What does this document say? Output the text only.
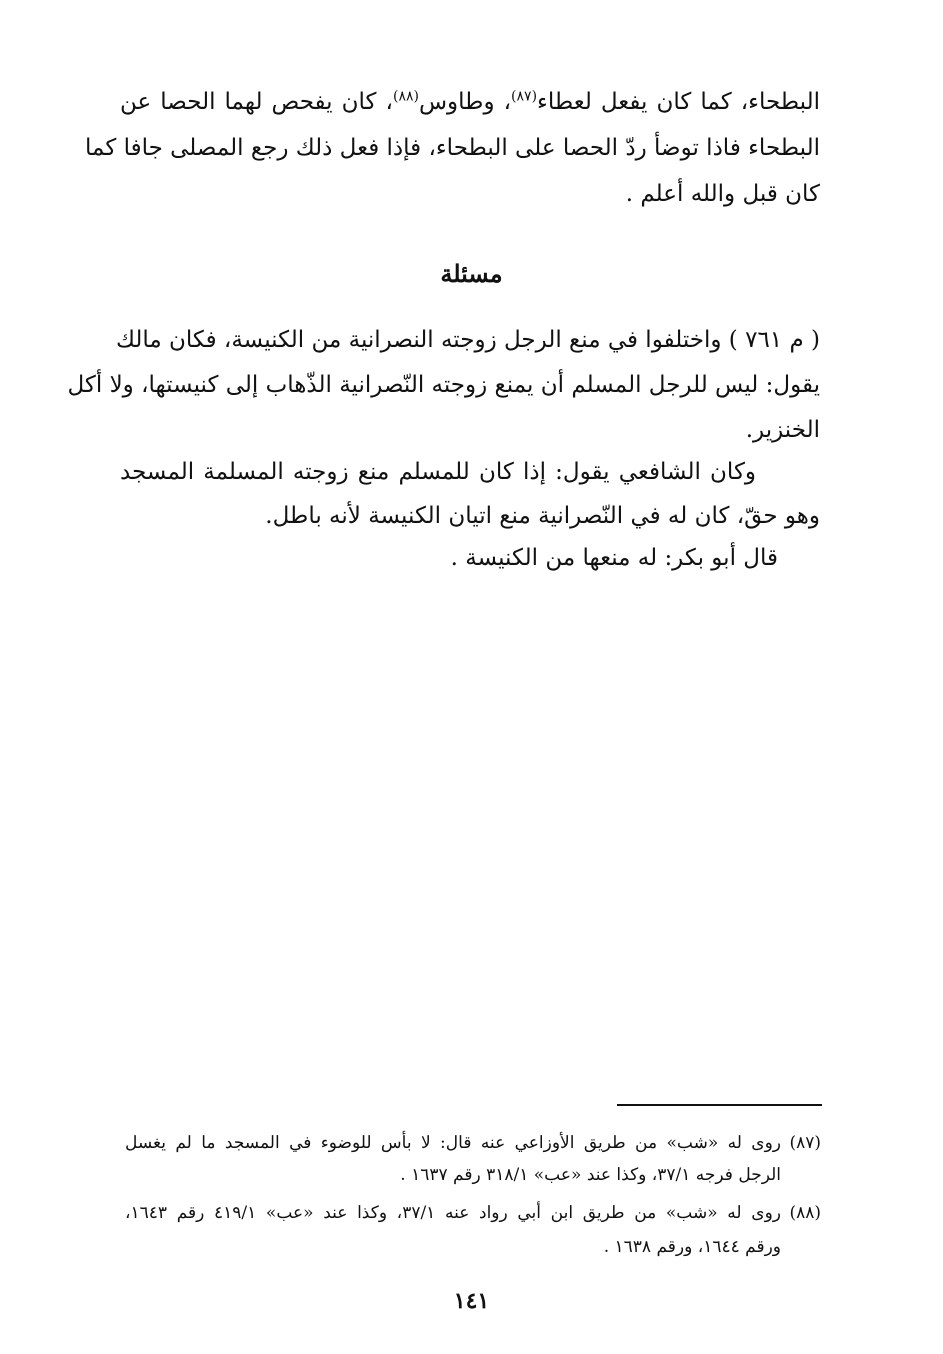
البطحاء، كما كان يفعل لعطاء$^{(٨٧)}$، وطاوس$^{(٨٨)}$، كان يفحص لهما الحصا عن
البطحاء فاذا توضأ ردّ الحصا على البطحاء، فإذا فعل ذلك رجع المصلى جافا كما
كان قبل والله أعلم .
مسئلة
( م ٧٦١ ) واختلفوا في منع الرجل زوجته النصرانية من الكنيسة، فكان مالك
يقول: ليس للرجل المسلم أن يمنع زوجته النّصرانية الذّهاب إلى كنيستها، ولا أكل
الخنزير.
وكان الشافعي يقول: إذا كان للمسلم منع زوجته المسلمة المسجد
وهو حقّ، كان له في النّصرانية منع اتيان الكنيسة لأنه باطل.
قال أبو بكر: له منعها من الكنيسة .
(٨٧)روى له «شب» من طريق الأوزاعي عنه قال: لا بأس للوضوء في المسجد ما لم يغسل
الرجل فرجه ٣٧/١، وكذا عند «عب» ٣١٨/١ رقم ١٦٣٧ .
(٨٨)روى له «شب» من طريق ابن أبي رواد عنه ٣٧/١، وكذا عند «عب» ٤١٩/١ رقم ١٦٤٣،
ورقم ١٦٤٤، ورقم ١٦٣٨ .
١٤١
